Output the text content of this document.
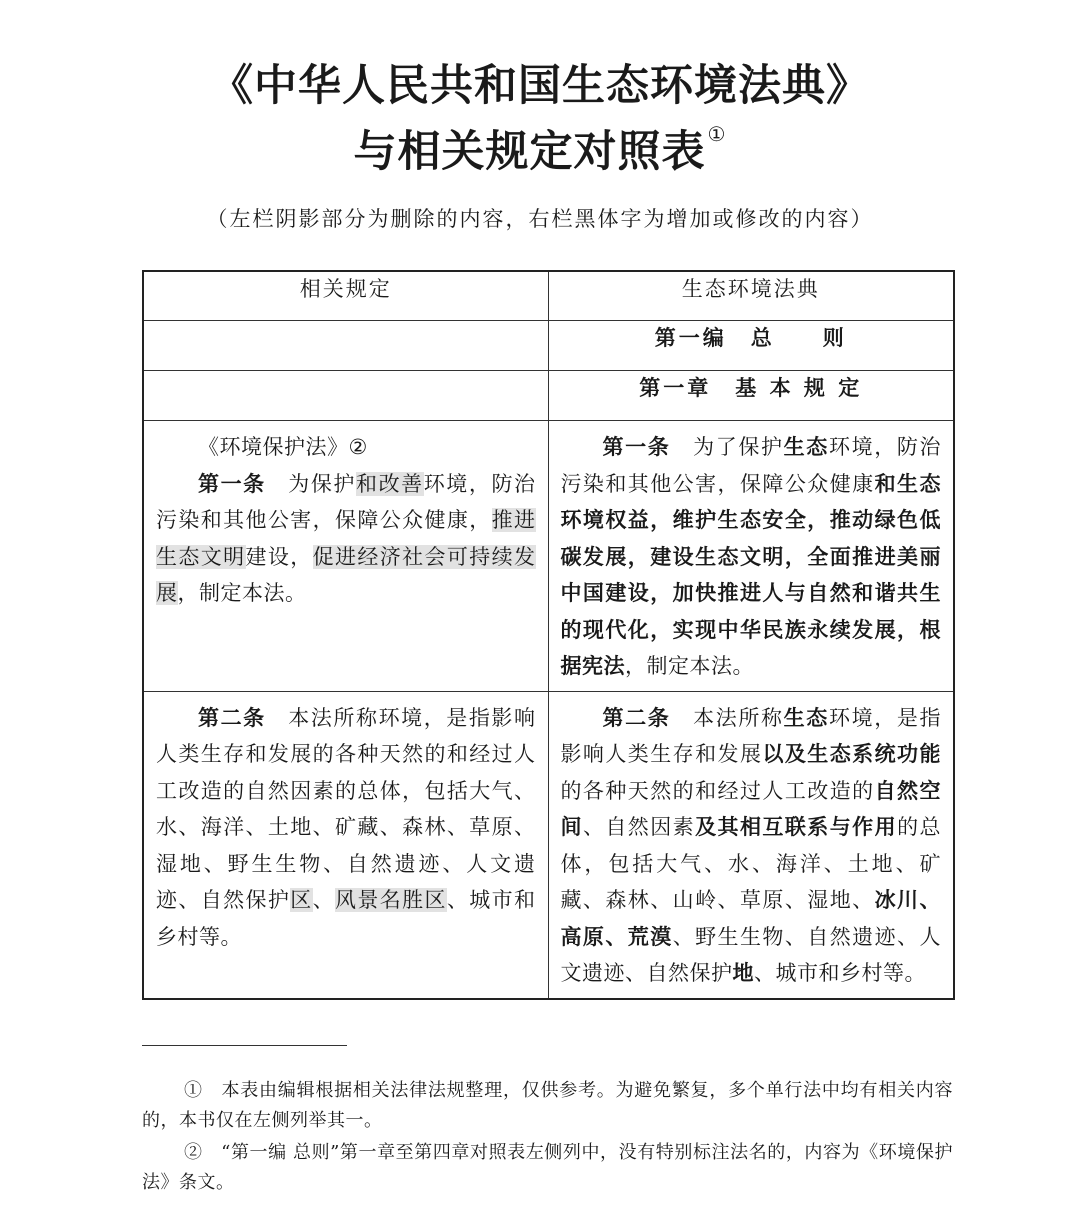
《中华人民共和国生态环境法典》
与相关规定对照表 ①
（左栏阴影部分为删除的内容，右栏黑体字为增加或修改的内容）
相关规定	生态环境法典
	第一编　总　　则
	第一章　基 本 规 定

《环境保护法》②
第一条　为保护和改善环境，防治污染和其他公害，保障公众健康，推进生态文明建设，促进经济社会可持续发展，制定本法。	第一条　为了保护生态环境，防治污染和其他公害，保障公众健康和生态环境权益，维护生态安全，推动绿色低碳发展，建设生态文明，全面推进美丽中国建设，加快推进人与自然和谐共生的现代化，实现中华民族永续发展，根据宪法，制定本法。

第二条　本法所称环境，是指影响人类生存和发展的各种天然的和经过人工改造的自然因素的总体，包括大气、水、海洋、土地、矿藏、森林、草原、湿地、野生生物、自然遗迹、人文遗迹、自然保护区、风景名胜区、城市和乡村等。	第二条　本法所称生态环境，是指影响人类生存和发展以及生态系统功能的各种天然的和经过人工改造的自然空间、自然因素及其相互联系与作用的总体，包括大气、水、海洋、土地、矿藏、森林、山岭、草原、湿地、冰川、高原、荒漠、野生生物、自然遗迹、人文遗迹、自然保护地、城市和乡村等。
①　本表由编辑根据相关法律法规整理，仅供参考。为避免繁复，多个单行法中均有相关内容的，本书仅在左侧列举其一。
②　“第一编 总则”第一章至第四章对照表左侧列中，没有特别标注法名的，内容为《环境保护法》条文。
